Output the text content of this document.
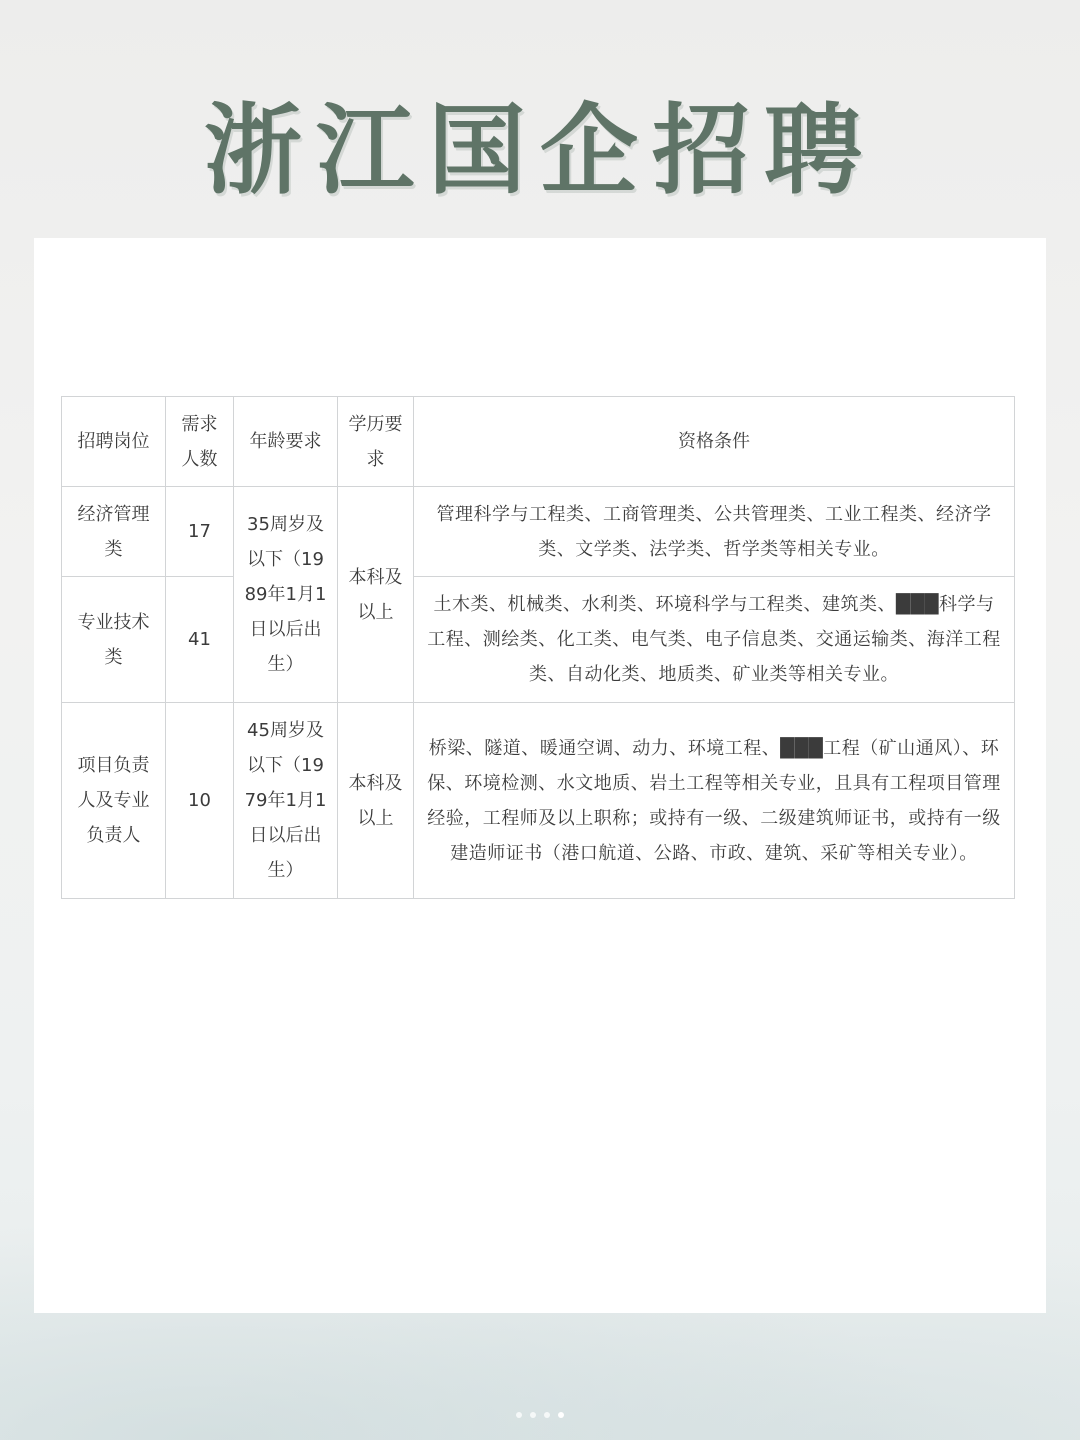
浙江国企招聘
招聘岗位	需求人数	年龄要求	学历要求	资格条件
经济管理类	17	35周岁及以下（1989年1月1日以后出生）	本科及以上	管理科学与工程类、工商管理类、公共管理类、工业工程类、经济学类、文学类、法学类、哲学类等相关专业。
专业技术类	41			土木类、机械类、水利类、环境科学与工程类、建筑类、███科学与工程、测绘类、化工类、电气类、电子信息类、交通运输类、海洋工程类、自动化类、地质类、矿业类等相关专业。
项目负责人及专业负责人	10	45周岁及以下（1979年1月1日以后出生）	本科及以上	桥梁、隧道、暖通空调、动力、环境工程、███工程（矿山通风）、环保、环境检测、水文地质、岩土工程等相关专业，且具有工程项目管理经验，工程师及以上职称；或持有一级、二级建筑师证书，或持有一级建造师证书（港口航道、公路、市政、建筑、采矿等相关专业）。
